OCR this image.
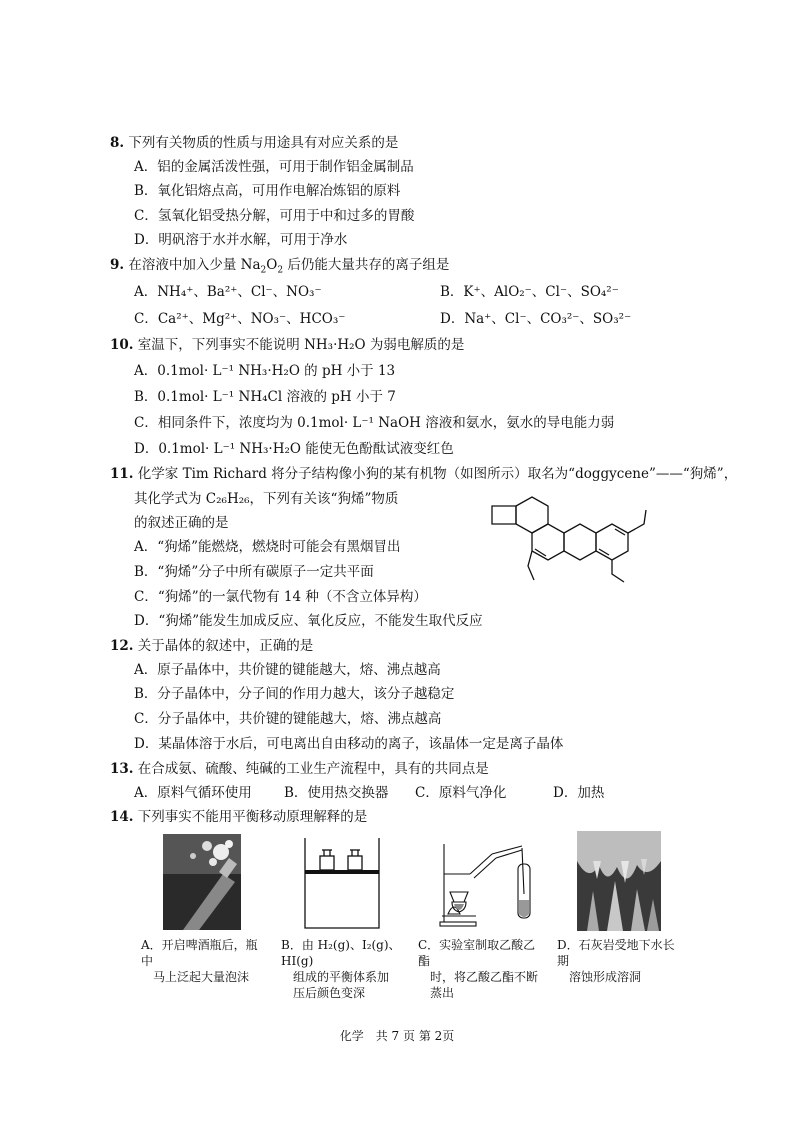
8. 下列有关物质的性质与用途具有对应关系的是
A．铝的金属活泼性强，可用于制作铝金属制品
B．氧化铝熔点高，可用作电解冶炼铝的原料
C．氢氧化铝受热分解，可用于中和过多的胃酸
D．明矾溶于水并水解，可用于净水
9. 在溶液中加入少量 $Na_2O_2$ 后仍能大量共存的离子组是
A．NH₄⁺、Ba²⁺、Cl⁻、NO₃⁻	B．K⁺、AlO₂⁻、Cl⁻、SO₄²⁻
C．Ca²⁺、Mg²⁺、NO₃⁻、HCO₃⁻	D．Na⁺、Cl⁻、CO₃²⁻、SO₃²⁻
10. 室温下，下列事实不能说明 NH₃·H₂O 为弱电解质的是
A．0.1mol· L⁻¹ NH₃·H₂O 的 pH 小于 13
B．0.1mol· L⁻¹ NH₄Cl 溶液的 pH 小于 7
C．相同条件下，浓度均为 0.1mol· L⁻¹ NaOH 溶液和氨水，氨水的导电能力弱
D．0.1mol· L⁻¹ NH₃·H₂O 能使无色酚酞试液变红色
11. 化学家 Tim Richard 将分子结构像小狗的某有机物（如图所示）取名为“doggycene”——“狗烯”，
其化学式为 C₂₆H₂₆，下列有关该“狗烯”物质
的叙述正确的是
A．“狗烯”能燃烧，燃烧时可能会有黑烟冒出
B．“狗烯”分子中所有碳原子一定共平面
C．“狗烯”的一氯代物有 14 种（不含立体异构）
D．“狗烯”能发生加成反应、氧化反应，不能发生取代反应
12. 关于晶体的叙述中，正确的是
A．原子晶体中，共价键的键能越大，熔、沸点越高
B．分子晶体中，分子间的作用力越大，该分子越稳定
C．分子晶体中，共价键的键能越大，熔、沸点越高
D．某晶体溶于水后，可电离出自由移动的离子，该晶体一定是离子晶体
13. 在合成氨、硫酸、纯碱的工业生产流程中，具有的共同点是
A．原料气循环使用 B．使用热交换器 C．原料气净化	D．加热
14. 下列事实不能用平衡移动原理解释的是
A．开启啤酒瓶后，瓶中
马上泛起大量泡沫
B．由 H₂(g)、I₂(g)、HI(g)
组成的平衡体系加
压后颜色变深
C．实验室制取乙酸乙酯
时，将乙酸乙酯不断
蒸出
D．石灰岩受地下水长期
溶蚀形成溶洞
化学　共 7 页 第 2页
